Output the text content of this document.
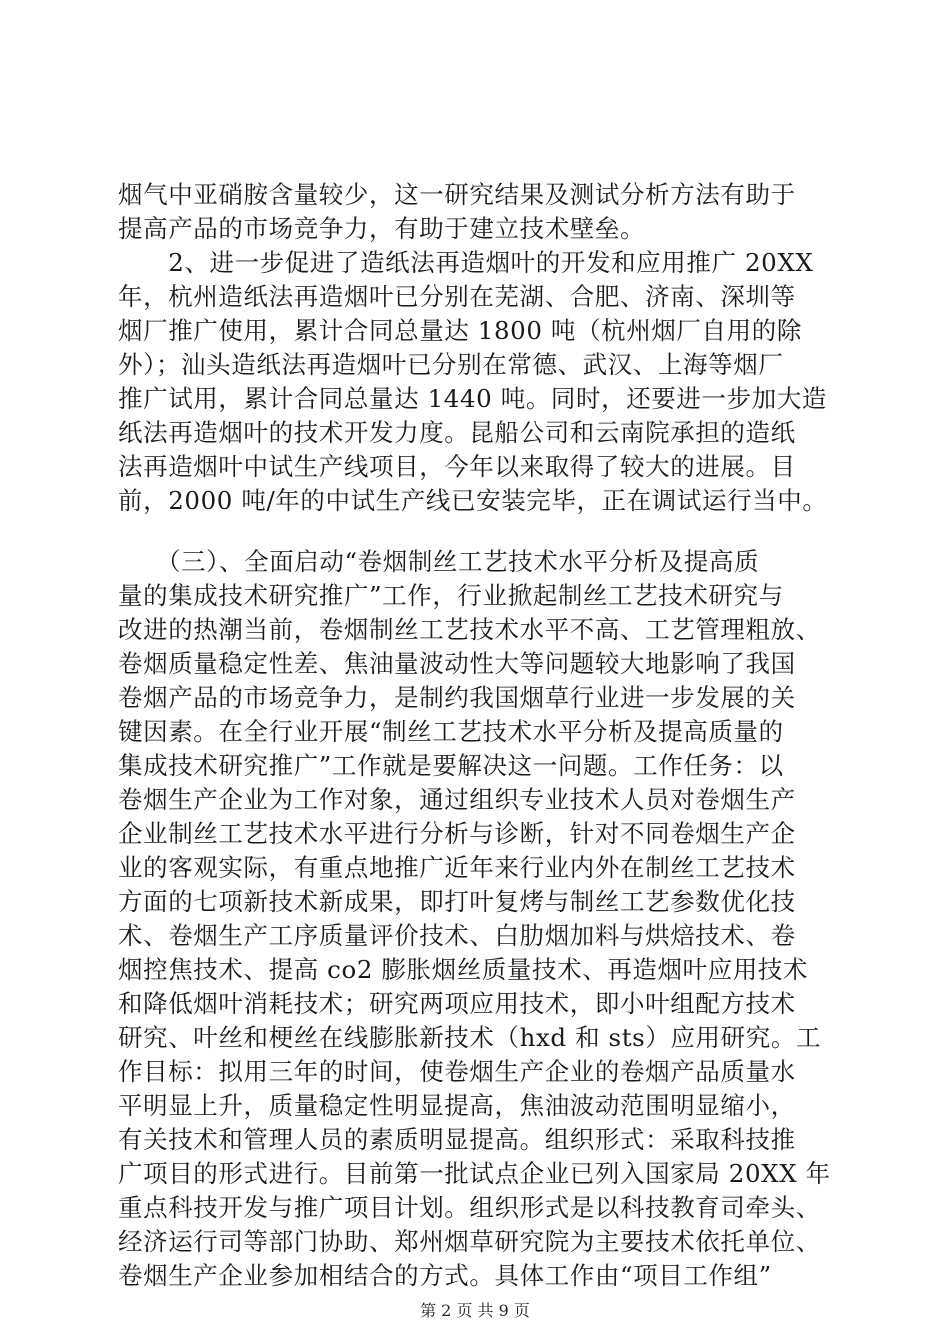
烟气中亚硝胺含量较少，这一研究结果及测试分析方法有助于
提高产品的市场竞争力，有助于建立技术壁垒。
　　2、进一步促进了造纸法再造烟叶的开发和应用推广 20XX
年，杭州造纸法再造烟叶已分别在芜湖、合肥、济南、深圳等
烟厂推广使用，累计合同总量达 1800 吨（杭州烟厂自用的除
外）；汕头造纸法再造烟叶已分别在常德、武汉、上海等烟厂
推广试用，累计合同总量达 1440 吨。同时，还要进一步加大造
纸法再造烟叶的技术开发力度。昆船公司和云南院承担的造纸
法再造烟叶中试生产线项目，今年以来取得了较大的进展。目
前，2000 吨/年的中试生产线已安装完毕，正在调试运行当中。
　　（三）、全面启动“卷烟制丝工艺技术水平分析及提高质
量的集成技术研究推广”工作，行业掀起制丝工艺技术研究与
改进的热潮当前，卷烟制丝工艺技术水平不高、工艺管理粗放、
卷烟质量稳定性差、焦油量波动性大等问题较大地影响了我国
卷烟产品的市场竞争力，是制约我国烟草行业进一步发展的关
键因素。在全行业开展“制丝工艺技术水平分析及提高质量的
集成技术研究推广”工作就是要解决这一问题。工作任务：以
卷烟生产企业为工作对象，通过组织专业技术人员对卷烟生产
企业制丝工艺技术水平进行分析与诊断，针对不同卷烟生产企
业的客观实际，有重点地推广近年来行业内外在制丝工艺技术
方面的七项新技术新成果，即打叶复烤与制丝工艺参数优化技
术、卷烟生产工序质量评价技术、白肋烟加料与烘焙技术、卷
烟控焦技术、提高 co2 膨胀烟丝质量技术、再造烟叶应用技术
和降低烟叶消耗技术；研究两项应用技术，即小叶组配方技术
研究、叶丝和梗丝在线膨胀新技术（hxd 和 sts）应用研究。工
作目标：拟用三年的时间，使卷烟生产企业的卷烟产品质量水
平明显上升，质量稳定性明显提高，焦油波动范围明显缩小，
有关技术和管理人员的素质明显提高。组织形式：采取科技推
广项目的形式进行。目前第一批试点企业已列入国家局 20XX 年
重点科技开发与推广项目计划。组织形式是以科技教育司牵头、
经济运行司等部门协助、郑州烟草研究院为主要技术依托单位、
卷烟生产企业参加相结合的方式。具体工作由“项目工作组”
第 2 页 共 9 页
